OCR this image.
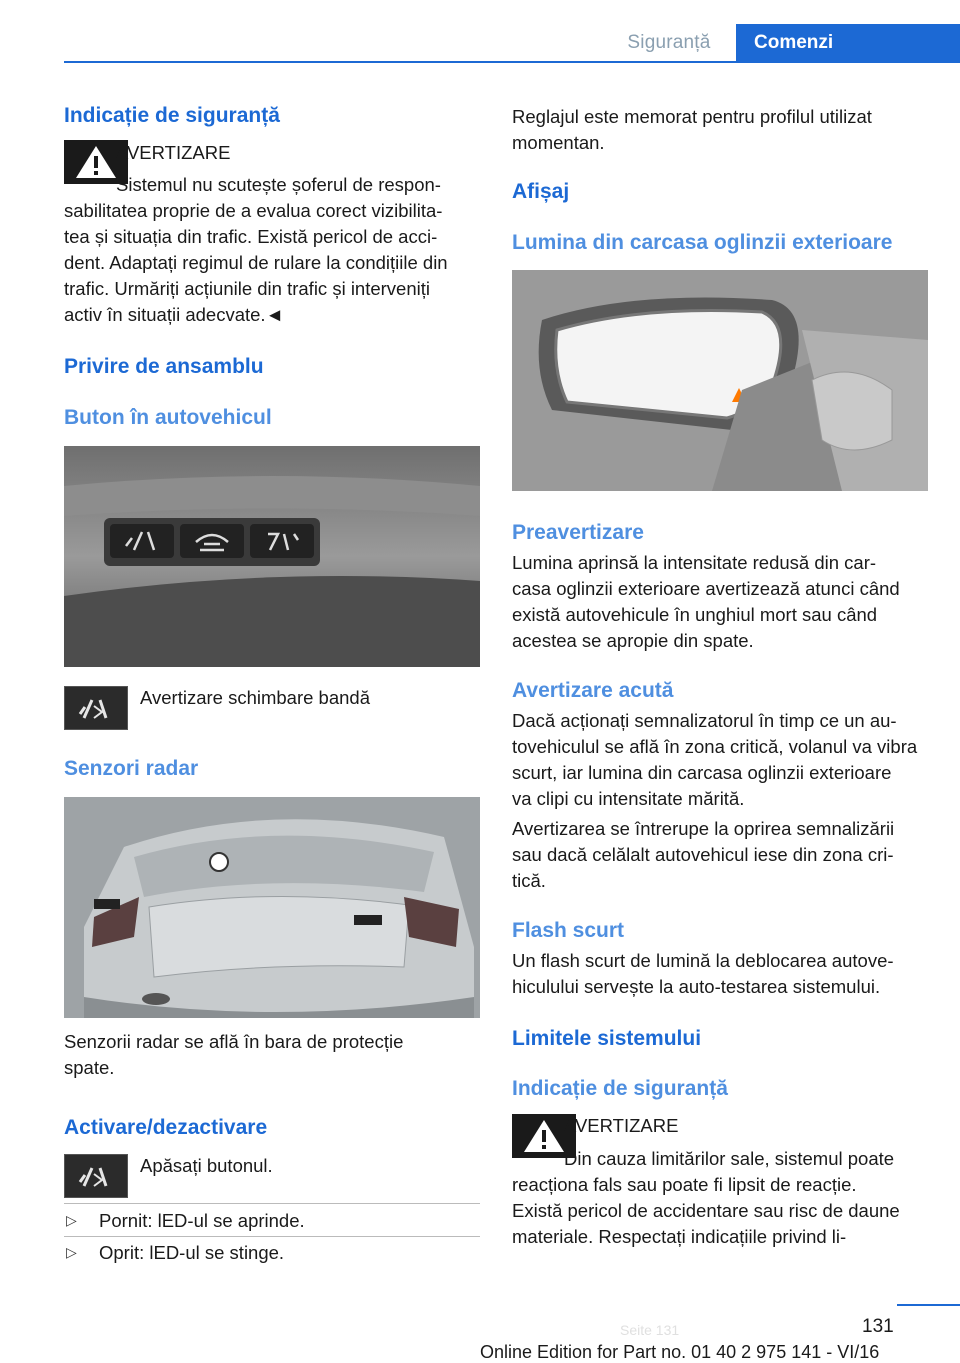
Siguranță	Comenzi
Indicație de siguranță
AVERTIZARE
Sistemul nu scutește șoferul de respon-
sabilitatea proprie de a evalua corect vizibilita-
tea și situația din trafic. Există pericol de acci-
dent. Adaptați regimul de rulare la condițiile din
trafic. Urmăriți acțiunile din trafic și interveniți
activ în situații adecvate.◄
Privire de ansamblu
Buton în autovehicul
Avertizare schimbare bandă
Senzori radar
Senzorii radar se află în bara de protecție
spate.
Activare/dezactivare
Apăsați butonul.
▷ Pornit: lED-ul se aprinde.
▷ Oprit: lED-ul se stinge.
Reglajul este memorat pentru profilul utilizat
momentan.
Afișaj
Lumina din carcasa oglinzii exterioare
Preavertizare
Lumina aprinsă la intensitate redusă din car-
casa oglinzii exterioare avertizează atunci când
există autovehicule în unghiul mort sau când
acestea se apropie din spate.
Avertizare acută
Dacă acționați semnalizatorul în timp ce un au-
tovehiculul se află în zona critică, volanul va vibra
scurt, iar lumina din carcasa oglinzii exterioare
va clipi cu intensitate mărită.
Avertizarea se întrerupe la oprirea semnalizării
sau dacă celălalt autovehicul iese din zona cri-
tică.
Flash scurt
Un flash scurt de lumină la deblocarea autove-
hiculului servește la auto-testarea sistemului.
Limitele sistemului
Indicație de siguranță
AVERTIZARE
Din cauza limitărilor sale, sistemul poate
reacționa fals sau poate fi lipsit de reacție.
Există pericol de accidentare sau risc de daune
materiale. Respectați indicațiile privind li-
131
Online Edition for Part no. 01 40 2 975 141 - VI/16
Seite 131
